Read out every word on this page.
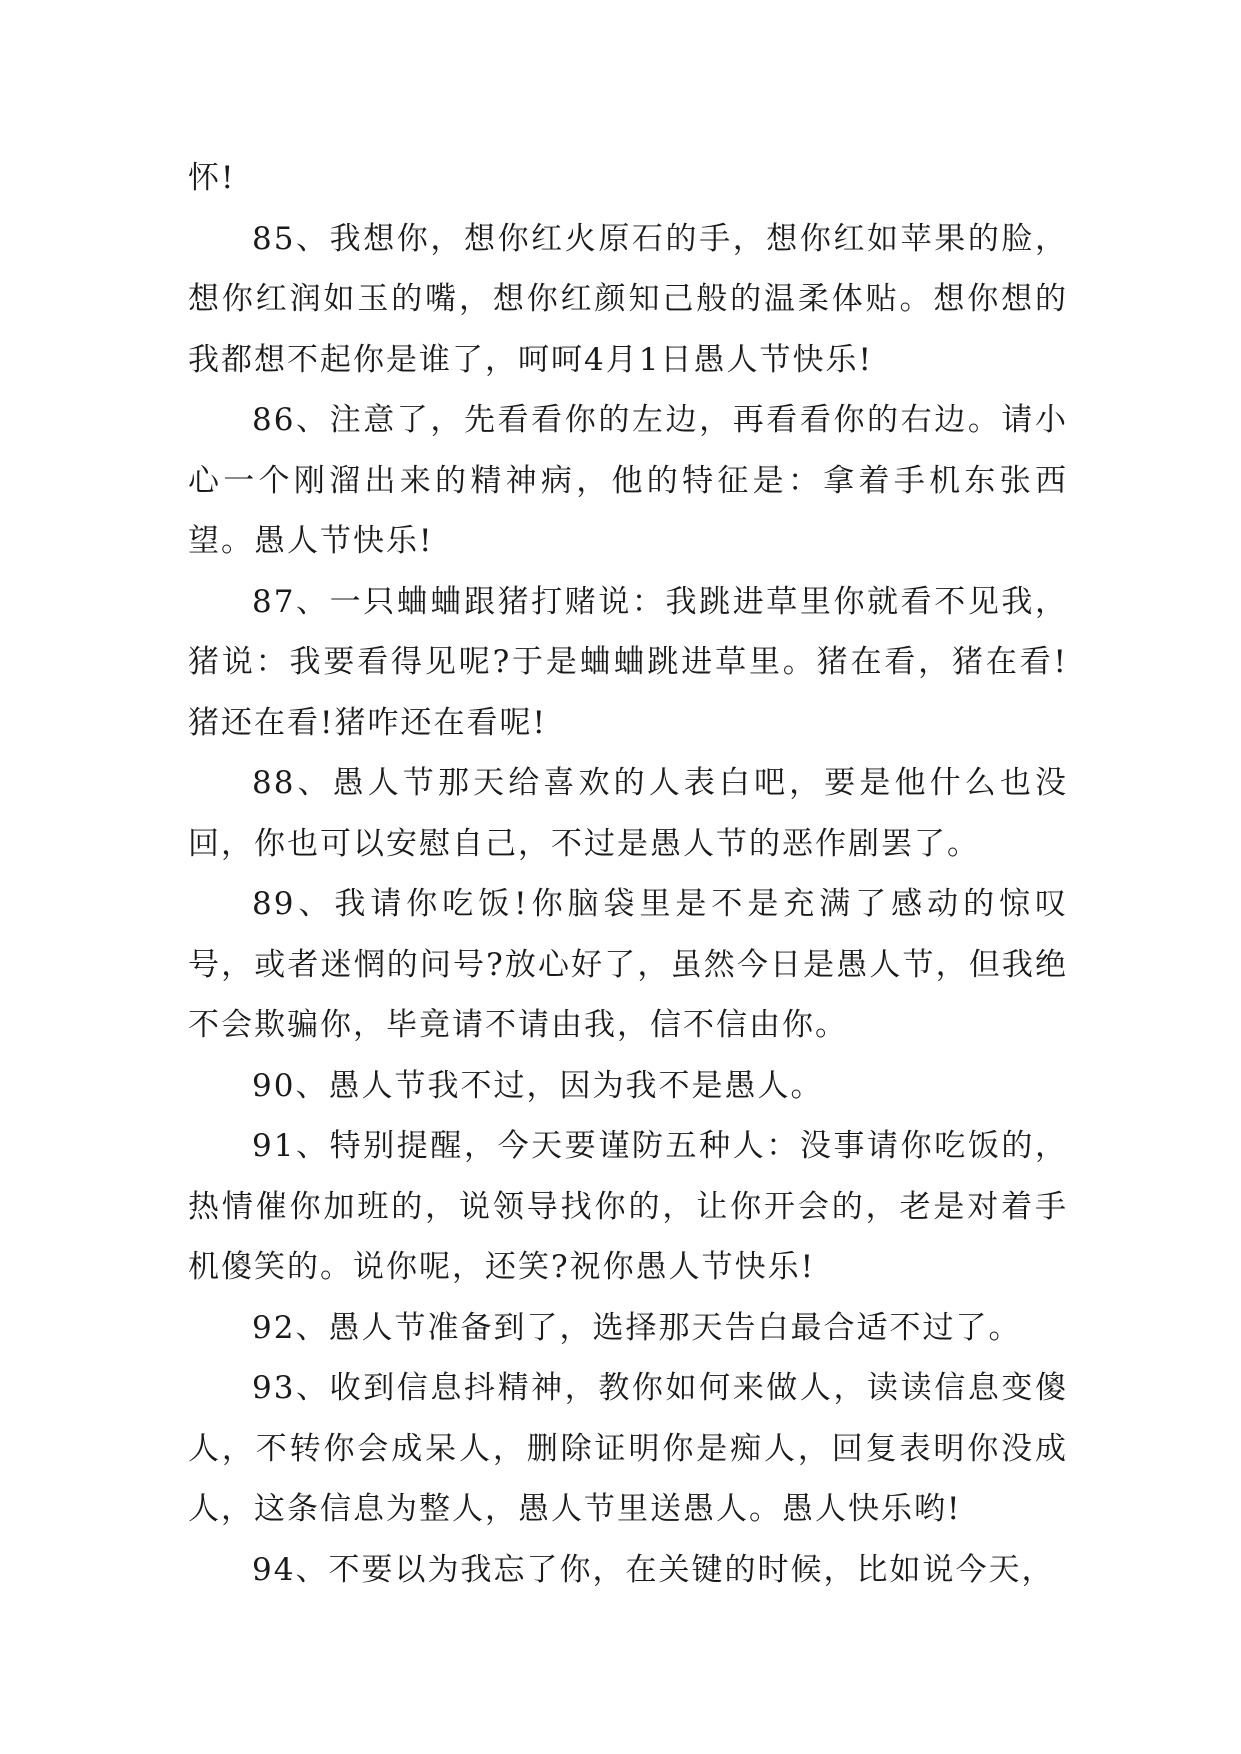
怀!

85、我想你，想你红火原石的手，想你红如苹果的脸，想你红润如玉的嘴，想你红颜知己般的温柔体贴。想你想的我都想不起你是谁了，呵呵4月1日愚人节快乐!

86、注意了，先看看你的左边，再看看你的右边。请小心一个刚溜出来的精神病，他的特征是：拿着手机东张西望。愚人节快乐!

87、一只蛐蛐跟猪打赌说：我跳进草里你就看不见我，猪说：我要看得见呢?于是蛐蛐跳进草里。猪在看，猪在看!猪还在看!猪咋还在看呢!

88、愚人节那天给喜欢的人表白吧，要是他什么也没回，你也可以安慰自己，不过是愚人节的恶作剧罢了。

89、我请你吃饭!你脑袋里是不是充满了感动的惊叹号，或者迷惘的问号?放心好了，虽然今日是愚人节，但我绝不会欺骗你，毕竟请不请由我，信不信由你。

90、愚人节我不过，因为我不是愚人。

91、特别提醒，今天要谨防五种人：没事请你吃饭的，热情催你加班的，说领导找你的，让你开会的，老是对着手机傻笑的。说你呢，还笑?祝你愚人节快乐!

92、愚人节准备到了，选择那天告白最合适不过了。

93、收到信息抖精神，教你如何来做人，读读信息变傻人，不转你会成呆人，删除证明你是痴人，回复表明你没成人，这条信息为整人，愚人节里送愚人。愚人快乐哟!

94、不要以为我忘了你，在关键的时候，比如说今天，
